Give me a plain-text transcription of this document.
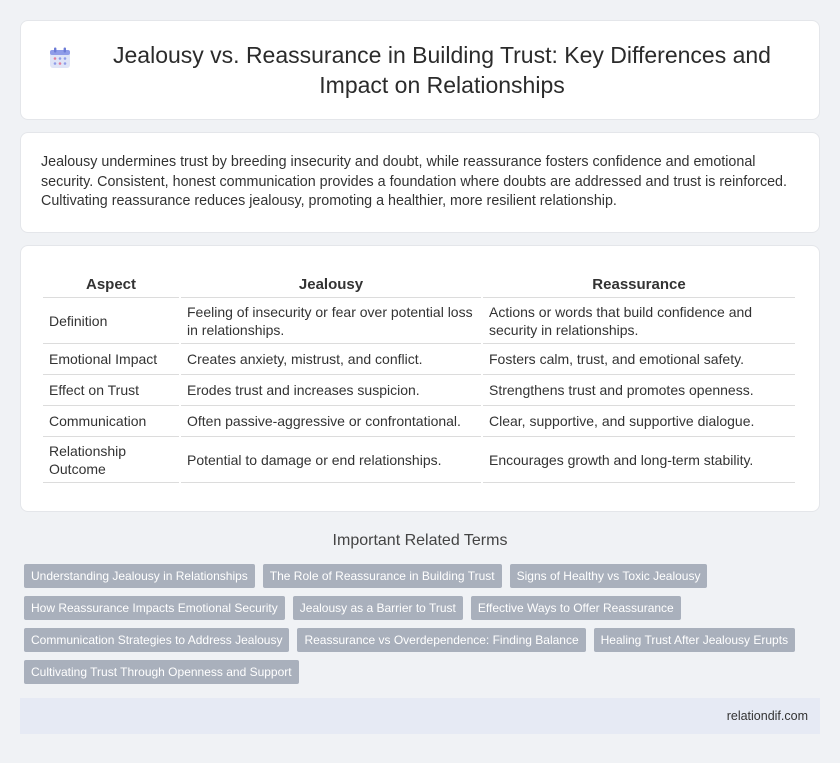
Jealousy vs. Reassurance in Building Trust: Key Differences and Impact on Relationships

Jealousy undermines trust by breeding insecurity and doubt, while reassurance fosters confidence and emotional security. Consistent, honest communication provides a foundation where doubts are addressed and trust is reinforced. Cultivating reassurance reduces jealousy, promoting a healthier, more resilient relationship.

Aspect	Jealousy	Reassurance
Definition	Feeling of insecurity or fear over potential loss in relationships.	Actions or words that build confidence and security in relationships.
Emotional Impact	Creates anxiety, mistrust, and conflict.	Fosters calm, trust, and emotional safety.
Effect on Trust	Erodes trust and increases suspicion.	Strengthens trust and promotes openness.
Communication	Often passive-aggressive or confrontational.	Clear, supportive, and supportive dialogue.
Relationship Outcome	Potential to damage or end relationships.	Encourages growth and long-term stability.
Important Related Terms
Understanding Jealousy in Relationships	The Role of Reassurance in Building Trust	Signs of Healthy vs Toxic Jealousy
How Reassurance Impacts Emotional Security	Jealousy as a Barrier to Trust	Effective Ways to Offer Reassurance
Communication Strategies to Address Jealousy	Reassurance vs Overdependence: Finding Balance	Healing Trust After Jealousy Erupts
Cultivating Trust Through Openness and Support
relationdif.com
